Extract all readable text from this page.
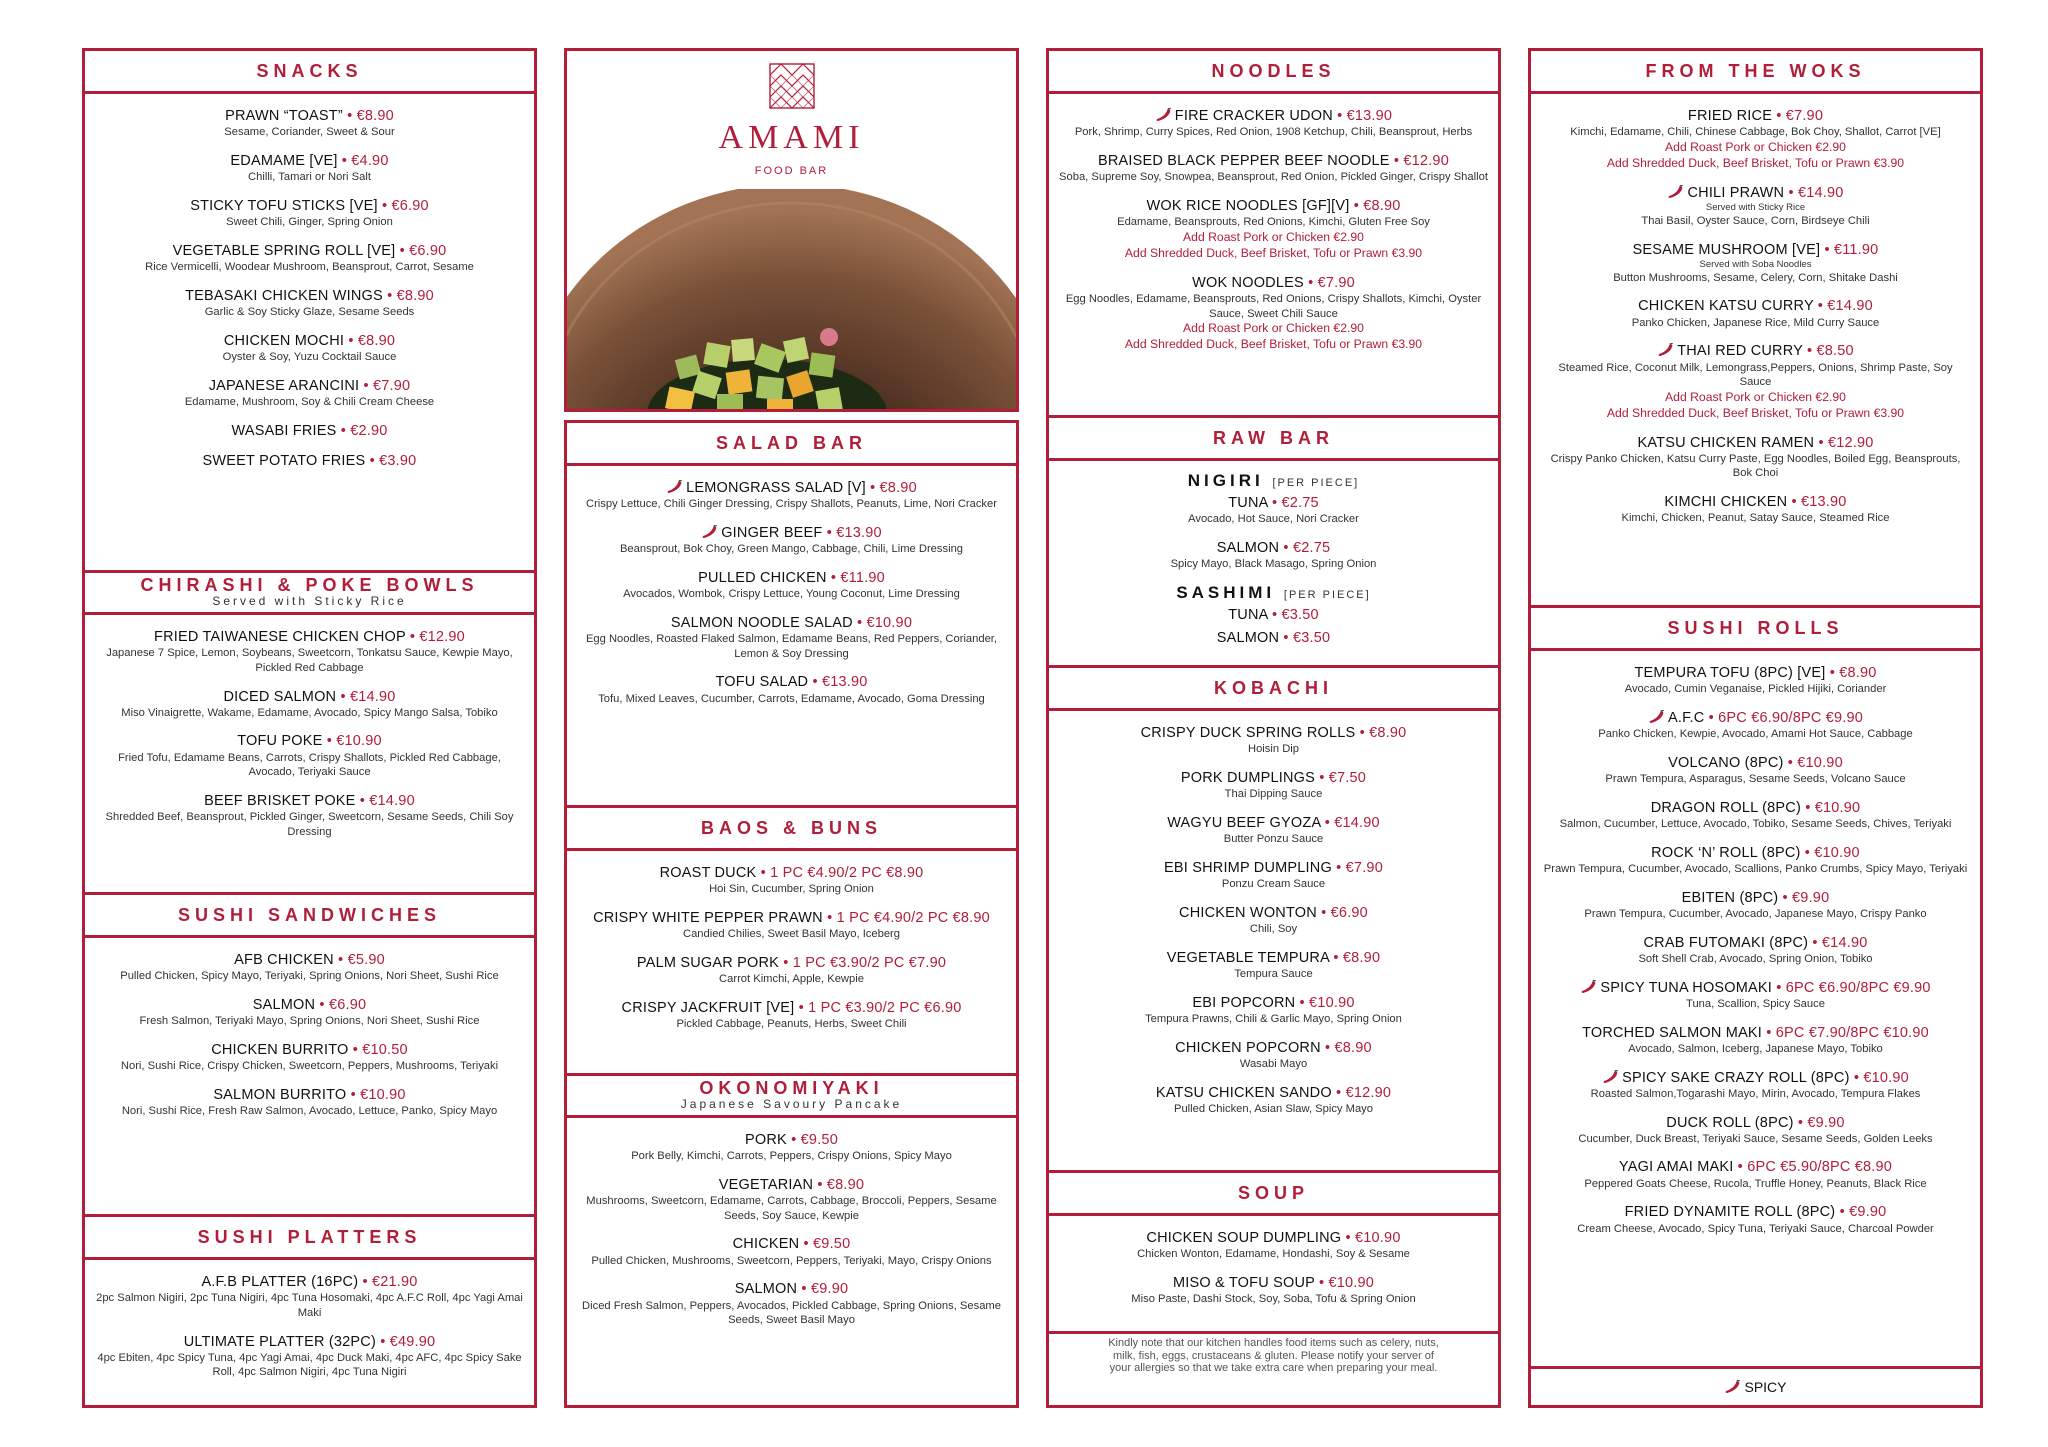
SNACKS
PRAWN “TOAST” • €8.90
Sesame, Coriander, Sweet & Sour
EDAMAME [VE] • €4.90
Chilli, Tamari or Nori Salt
STICKY TOFU STICKS [VE] • €6.90
Sweet Chili, Ginger, Spring Onion
VEGETABLE SPRING ROLL [VE] • €6.90
Rice Vermicelli, Woodear Mushroom, Beansprout, Carrot, Sesame
TEBASAKI CHICKEN WINGS • €8.90
Garlic & Soy Sticky Glaze, Sesame Seeds
CHICKEN MOCHI • €8.90
Oyster & Soy, Yuzu Cocktail Sauce
JAPANESE ARANCINI • €7.90
Edamame, Mushroom, Soy & Chili Cream Cheese
WASABI FRIES • €2.90
SWEET POTATO FRIES • €3.90
CHIRASHI & POKE BOWLS
Served with Sticky Rice
FRIED TAIWANESE CHICKEN CHOP • €12.90
Japanese 7 Spice, Lemon, Soybeans, Sweetcorn, Tonkatsu Sauce, Kewpie Mayo, Pickled Red Cabbage
DICED SALMON • €14.90
Miso Vinaigrette, Wakame, Edamame, Avocado, Spicy Mango Salsa, Tobiko
TOFU POKE • €10.90
Fried Tofu, Edamame Beans, Carrots, Crispy Shallots, Pickled Red Cabbage, Avocado, Teriyaki Sauce
BEEF BRISKET POKE • €14.90
Shredded Beef, Beansprout, Pickled Ginger, Sweetcorn, Sesame Seeds, Chili Soy Dressing
SUSHI SANDWICHES
AFB CHICKEN • €5.90
Pulled Chicken, Spicy Mayo, Teriyaki, Spring Onions, Nori Sheet, Sushi Rice
SALMON • €6.90
Fresh Salmon, Teriyaki Mayo, Spring Onions, Nori Sheet, Sushi Rice
CHICKEN BURRITO • €10.50
Nori, Sushi Rice, Crispy Chicken, Sweetcorn, Peppers, Mushrooms, Teriyaki
SALMON BURRITO • €10.90
Nori, Sushi Rice, Fresh Raw Salmon, Avocado, Lettuce, Panko, Spicy Mayo
SUSHI PLATTERS
A.F.B PLATTER (16PC) • €21.90
2pc Salmon Nigiri, 2pc Tuna Nigiri, 4pc Tuna Hosomaki, 4pc A.F.C Roll, 4pc Yagi Amai Maki
ULTIMATE PLATTER (32PC) • €49.90
4pc Ebiten, 4pc Spicy Tuna, 4pc Yagi Amai, 4pc Duck Maki, 4pc AFC, 4pc Spicy Sake Roll, 4pc Salmon Nigiri, 4pc Tuna Nigiri
AMAMI
FOOD BAR
SALAD BAR
LEMONGRASS SALAD [V] • €8.90
Crispy Lettuce, Chili Ginger Dressing, Crispy Shallots, Peanuts, Lime, Nori Cracker
GINGER BEEF • €13.90
Beansprout, Bok Choy, Green Mango, Cabbage, Chili, Lime Dressing
PULLED CHICKEN • €11.90
Avocados, Wombok, Crispy Lettuce, Young Coconut, Lime Dressing
SALMON NOODLE SALAD • €10.90
Egg Noodles, Roasted Flaked Salmon, Edamame Beans, Red Peppers, Coriander, Lemon & Soy Dressing
TOFU SALAD • €13.90
Tofu, Mixed Leaves, Cucumber, Carrots, Edamame, Avocado, Goma Dressing
BAOS & BUNS
ROAST DUCK • 1 PC €4.90/2 PC €8.90
Hoi Sin, Cucumber, Spring Onion
CRISPY WHITE PEPPER PRAWN • 1 PC €4.90/2 PC €8.90
Candied Chilies, Sweet Basil Mayo, Iceberg
PALM SUGAR PORK • 1 PC €3.90/2 PC €7.90
Carrot Kimchi, Apple, Kewpie
CRISPY JACKFRUIT [VE] • 1 PC €3.90/2 PC €6.90
Pickled Cabbage, Peanuts, Herbs, Sweet Chili
OKONOMIYAKI
Japanese Savoury Pancake
PORK • €9.50
Pork Belly, Kimchi, Carrots, Peppers, Crispy Onions, Spicy Mayo
VEGETARIAN • €8.90
Mushrooms, Sweetcorn, Edamame, Carrots, Cabbage, Broccoli, Peppers, Sesame Seeds, Soy Sauce, Kewpie
CHICKEN • €9.50
Pulled Chicken, Mushrooms, Sweetcorn, Peppers, Teriyaki, Mayo, Crispy Onions
SALMON • €9.90
Diced Fresh Salmon, Peppers, Avocados, Pickled Cabbage, Spring Onions, Sesame Seeds, Sweet Basil Mayo
NOODLES
FIRE CRACKER UDON • €13.90
Pork, Shrimp, Curry Spices, Red Onion, 1908 Ketchup, Chili, Beansprout, Herbs
BRAISED BLACK PEPPER BEEF NOODLE • €12.90
Soba, Supreme Soy, Snowpea, Beansprout, Red Onion, Pickled Ginger, Crispy Shallot
WOK RICE NOODLES [GF][V] • €8.90
Edamame, Beansprouts, Red Onions, Kimchi, Gluten Free Soy
Add Roast Pork or Chicken €2.90
Add Shredded Duck, Beef Brisket, Tofu or Prawn €3.90
WOK NOODLES • €7.90
Egg Noodles, Edamame, Beansprouts, Red Onions, Crispy Shallots, Kimchi, Oyster Sauce, Sweet Chili Sauce
Add Roast Pork or Chicken €2.90
Add Shredded Duck, Beef Brisket, Tofu or Prawn €3.90
RAW BAR
NIGIRI [PER PIECE]
TUNA • €2.75
Avocado, Hot Sauce, Nori Cracker
SALMON • €2.75
Spicy Mayo, Black Masago, Spring Onion
SASHIMI [PER PIECE]
TUNA • €3.50
SALMON • €3.50
KOBACHI
CRISPY DUCK SPRING ROLLS • €8.90
Hoisin Dip
PORK DUMPLINGS • €7.50
Thai Dipping Sauce
WAGYU BEEF GYOZA • €14.90
Butter Ponzu Sauce
EBI SHRIMP DUMPLING • €7.90
Ponzu Cream Sauce
CHICKEN WONTON • €6.90
Chili, Soy
VEGETABLE TEMPURA • €8.90
Tempura Sauce
EBI POPCORN • €10.90
Tempura Prawns, Chili & Garlic Mayo, Spring Onion
CHICKEN POPCORN • €8.90
Wasabi Mayo
KATSU CHICKEN SANDO • €12.90
Pulled Chicken, Asian Slaw, Spicy Mayo
SOUP
CHICKEN SOUP DUMPLING • €10.90
Chicken Wonton, Edamame, Hondashi, Soy & Sesame
MISO & TOFU SOUP • €10.90
Miso Paste, Dashi Stock, Soy, Soba, Tofu & Spring Onion
Kindly note that our kitchen handles food items such as celery, nuts, milk, fish, eggs, crustaceans & gluten. Please notify your server of your allergies so that we take extra care when preparing your meal.
FROM THE WOKS
FRIED RICE • €7.90
Kimchi, Edamame, Chili, Chinese Cabbage, Bok Choy, Shallot, Carrot [VE]
Add Roast Pork or Chicken €2.90
Add Shredded Duck, Beef Brisket, Tofu or Prawn €3.90
CHILI PRAWN • €14.90
Served with Sticky Rice
Thai Basil, Oyster Sauce, Corn, Birdseye Chili
SESAME MUSHROOM [VE] • €11.90
Served with Soba Noodles
Button Mushrooms, Sesame, Celery, Corn, Shitake Dashi
CHICKEN KATSU CURRY • €14.90
Panko Chicken, Japanese Rice, Mild Curry Sauce
THAI RED CURRY • €8.50
Steamed Rice, Coconut Milk, Lemongrass,Peppers, Onions, Shrimp Paste, Soy Sauce
Add Roast Pork or Chicken €2.90
Add Shredded Duck, Beef Brisket, Tofu or Prawn €3.90
KATSU CHICKEN RAMEN • €12.90
Crispy Panko Chicken, Katsu Curry Paste, Egg Noodles, Boiled Egg, Beansprouts, Bok Choi
KIMCHI CHICKEN • €13.90
Kimchi, Chicken, Peanut, Satay Sauce, Steamed Rice
SUSHI ROLLS
TEMPURA TOFU (8PC) [VE] • €8.90
Avocado, Cumin Veganaise, Pickled Hijiki, Coriander
A.F.C • 6PC €6.90/8PC €9.90
Panko Chicken, Kewpie, Avocado, Amami Hot Sauce, Cabbage
VOLCANO (8PC) • €10.90
Prawn Tempura, Asparagus, Sesame Seeds, Volcano Sauce
DRAGON ROLL (8PC) • €10.90
Salmon, Cucumber, Lettuce, Avocado, Tobiko, Sesame Seeds, Chives, Teriyaki
ROCK ‘N’ ROLL (8PC) • €10.90
Prawn Tempura, Cucumber, Avocado, Scallions, Panko Crumbs, Spicy Mayo, Teriyaki
EBITEN (8PC) • €9.90
Prawn Tempura, Cucumber, Avocado, Japanese Mayo, Crispy Panko
CRAB FUTOMAKI (8PC) • €14.90
Soft Shell Crab, Avocado, Spring Onion, Tobiko
SPICY TUNA HOSOMAKI • 6PC €6.90/8PC €9.90
Tuna, Scallion, Spicy Sauce
TORCHED SALMON MAKI • 6PC €7.90/8PC €10.90
Avocado, Salmon, Iceberg, Japanese Mayo, Tobiko
SPICY SAKE CRAZY ROLL (8PC) • €10.90
Roasted Salmon,Togarashi Mayo, Mirin, Avocado, Tempura Flakes
DUCK ROLL (8PC) • €9.90
Cucumber, Duck Breast, Teriyaki Sauce, Sesame Seeds, Golden Leeks
YAGI AMAI MAKI • 6PC €5.90/8PC €8.90
Peppered Goats Cheese, Rucola, Truffle Honey, Peanuts, Black Rice
FRIED DYNAMITE ROLL (8PC) • €9.90
Cream Cheese, Avocado, Spicy Tuna, Teriyaki Sauce, Charcoal Powder
SPICY
